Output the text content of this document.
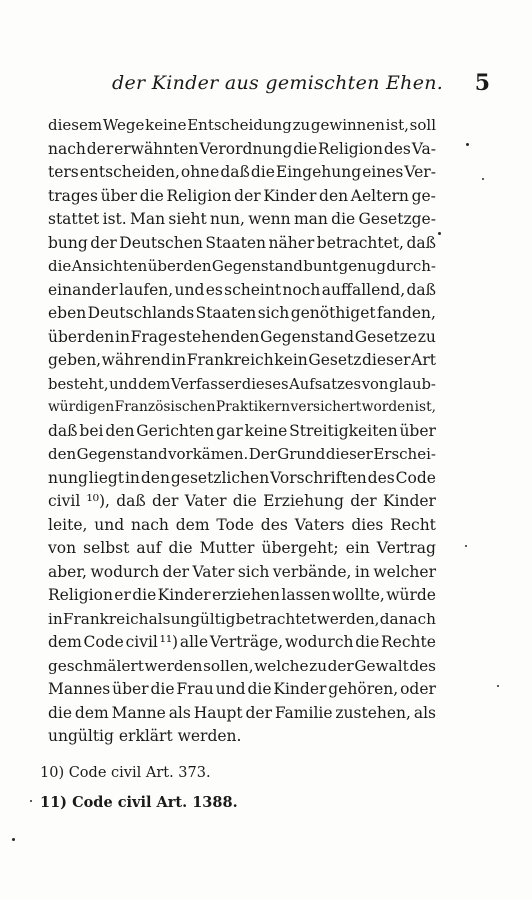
der Kinder aus gemischten Ehen. 5
diesem Wege keine Entscheidung zu gewinnen ist, soll
nach der erwähnten Verordnung die Religion des Va-
ters entscheiden, ohne daß die Eingehung eines Ver-
trages über die Religion der Kinder den Aeltern ge-
stattet ist. Man sieht nun, wenn man die Gesetzge-
bung der Deutschen Staaten näher betrachtet, daß
die Ansichten über den Gegenstand bunt genug durch-
einander laufen, und es scheint noch auffallend, daß
eben Deutschlands Staaten sich genöthiget fanden,
über den in Frage stehenden Gegenstand Gesetze zu
geben, während in Frankreich kein Gesetz dieser Art
besteht, und dem Verfasser dieses Aufsatzes von glaub-
würdigen Französischen Praktikern versichert worden ist,
daß bei den Gerichten gar keine Streitigkeiten über
den Gegenstand vorkämen. Der Grund dieser Erschei-
nung liegt in den gesetzlichen Vorschriften des Code
civil ¹⁰), daß der Vater die Erziehung der Kinder
leite, und nach dem Tode des Vaters dies Recht
von selbst auf die Mutter übergeht; ein Vertrag
aber, wodurch der Vater sich verbände, in welcher
Religion er die Kinder erziehen lassen wollte, würde
in Frankreich als ungültig betrachtet werden, da nach
dem Code civil ¹¹) alle Verträge, wodurch die Rechte
geschmälert werden sollen, welche zu der Gewalt des
Mannes über die Frau und die Kinder gehören, oder
die dem Manne als Haupt der Familie zustehen, als
ungültig erklärt werden.
10) Code civil Art. 373.
11) Code civil Art. 1388.
